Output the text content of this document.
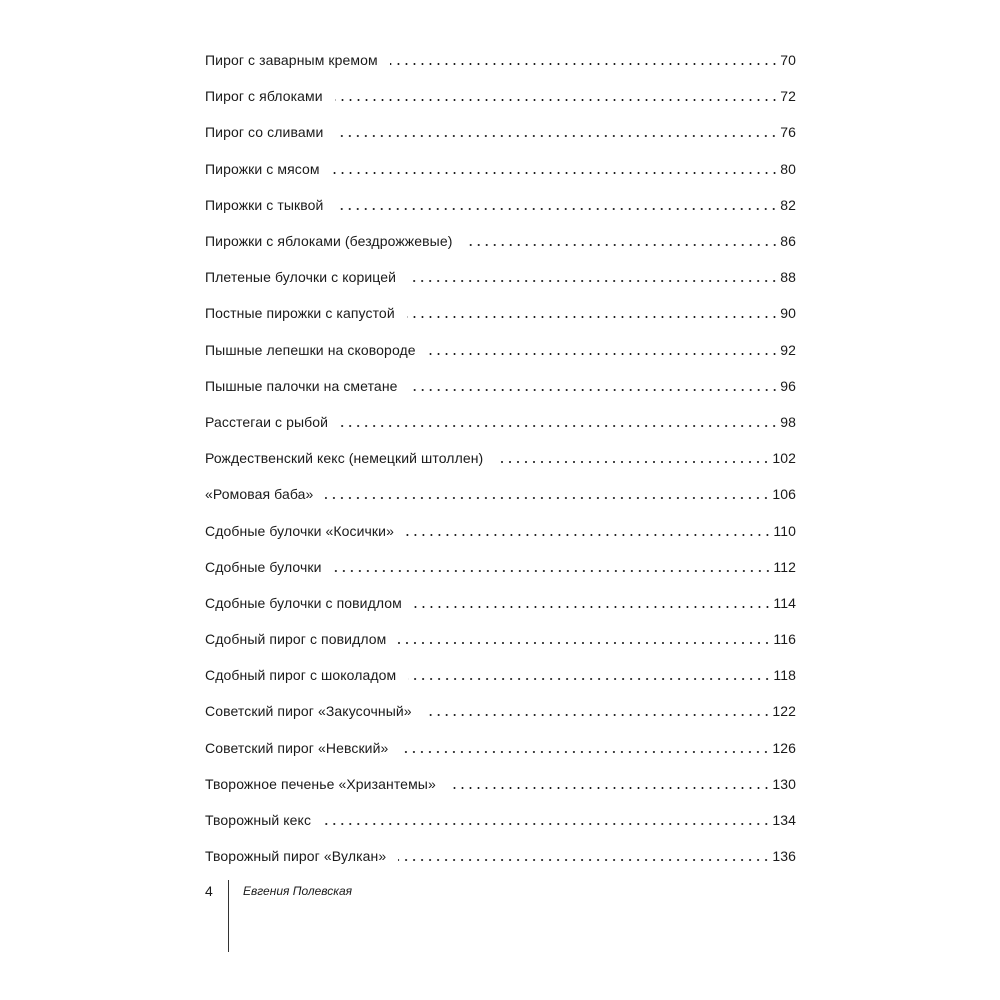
Пирог с заварным кремом	70
Пирог с яблоками	72
Пирог со сливами	76
Пирожки с мясом	80
Пирожки с тыквой	82
Пирожки с яблоками (бездрожжевые)	86
Плетеные булочки с корицей	88
Постные пирожки с капустой	90
Пышные лепешки на сковороде	92
Пышные палочки на сметане	96
Расстегаи с рыбой	98
Рождественский кекс (немецкий штоллен)	102
«Ромовая баба»	106
Сдобные булочки «Косички»	110
Сдобные булочки	112
Сдобные булочки с повидлом	114
Сдобный пирог с повидлом	116
Сдобный пирог с шоколадом	118
Советский пирог «Закусочный»	122
Советский пирог «Невский»	126
Творожное печенье «Хризантемы»	130
Творожный кекс	134
Творожный пирог «Вулкан»	136
4	Евгения Полевская
